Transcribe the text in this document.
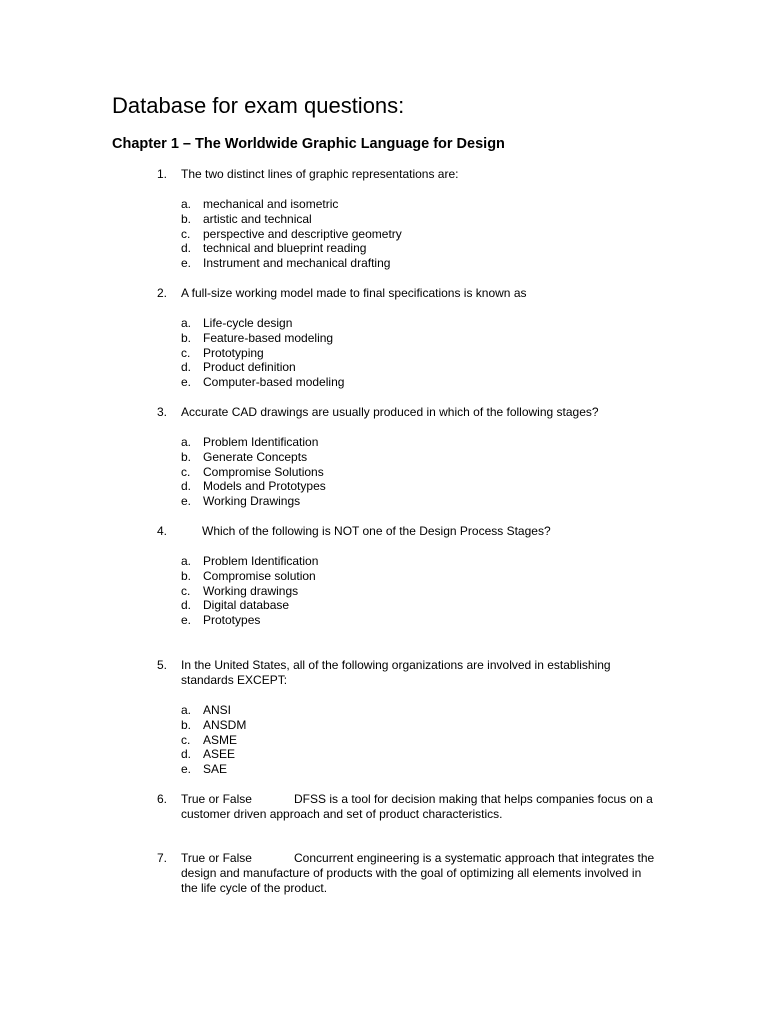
Database for exam questions:
Chapter 1 – The Worldwide Graphic Language for Design
1. The two distinct lines of graphic representations are:
a. mechanical and isometric
b. artistic and technical
c. perspective and descriptive geometry
d. technical and blueprint reading
e. Instrument and mechanical drafting
2. A full-size working model made to final specifications is known as
a. Life-cycle design
b. Feature-based modeling
c. Prototyping
d. Product definition
e. Computer-based modeling
3. Accurate CAD drawings are usually produced in which of the following stages?
a. Problem Identification
b. Generate Concepts
c. Compromise Solutions
d. Models and Prototypes
e. Working Drawings
4.	Which of the following is NOT one of the Design Process Stages?
a. Problem Identification
b. Compromise solution
c. Working drawings
d. Digital database
e. Prototypes
5. In the United States, all of the following organizations are involved in establishing standards EXCEPT:
a. ANSI
b. ANSDM
c. ASME
d. ASEE
e. SAE
6. True or False	DFSS is a tool for decision making that helps companies focus on a customer driven approach and set of product characteristics.
7. True or False	Concurrent engineering is a systematic approach that integrates the design and manufacture of products with the goal of optimizing all elements involved in the life cycle of the product.
